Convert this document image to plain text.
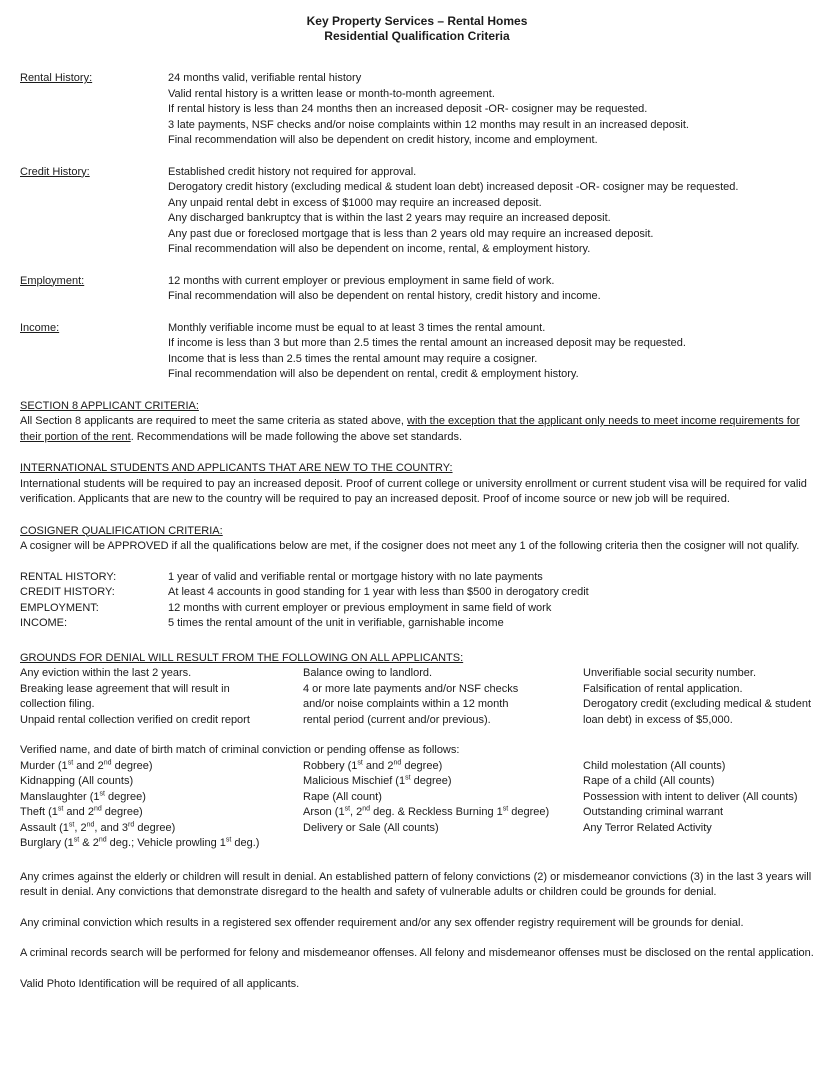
Key Property Services – Rental Homes
Residential Qualification Criteria
Rental History:	24 months valid, verifiable rental history
Valid rental history is a written lease or month-to-month agreement.
If rental history is less than 24 months then an increased deposit -OR- cosigner may be requested.
3 late payments, NSF checks and/or noise complaints within 12 months may result in an increased deposit.
Final recommendation will also be dependent on credit history, income and employment.
Credit History:	Established credit history not required for approval.
Derogatory credit history (excluding medical & student loan debt) increased deposit -OR- cosigner may be requested.
Any unpaid rental debt in excess of $1000 may require an increased deposit.
Any discharged bankruptcy that is within the last 2 years may require an increased deposit.
Any past due or foreclosed mortgage that is less than 2 years old may require an increased deposit.
Final recommendation will also be dependent on income, rental, & employment history.
Employment:	12 months with current employer or previous employment in same field of work.
Final recommendation will also be dependent on rental history, credit history and income.
Income:	Monthly verifiable income must be equal to at least 3 times the rental amount.
If income is less than 3 but more than 2.5 times the rental amount an increased deposit may be requested.
Income that is less than 2.5 times the rental amount may require a cosigner.
Final recommendation will also be dependent on rental, credit & employment history.
SECTION 8 APPLICANT CRITERIA:
All Section 8 applicants are required to meet the same criteria as stated above, with the exception that the applicant only needs to meet income requirements for their portion of the rent. Recommendations will be made following the above set standards.
INTERNATIONAL STUDENTS AND APPLICANTS THAT ARE NEW TO THE COUNTRY:
International students will be required to pay an increased deposit. Proof of current college or university enrollment or current student visa will be required for valid verification. Applicants that are new to the country will be required to pay an increased deposit. Proof of income source or new job will be required.
COSIGNER QUALIFICATION CRITERIA:
A cosigner will be APPROVED if all the qualifications below are met, if the cosigner does not meet any 1 of the following criteria then the cosigner will not qualify.
RENTAL HISTORY:	1 year of valid and verifiable rental or mortgage history with no late payments
CREDIT HISTORY:	At least 4 accounts in good standing for 1 year with less than $500 in derogatory credit
EMPLOYMENT:	12 months with current employer or previous employment in same field of work
INCOME:	5 times the rental amount of the unit in verifiable, garnishable income
GROUNDS FOR DENIAL WILL RESULT FROM THE FOLLOWING ON ALL APPLICANTS:
Any eviction within the last 2 years.
Breaking lease agreement that will result in
collection filing.
Unpaid rental collection verified on credit report
Balance owing to landlord.
4 or more late payments and/or NSF checks
and/or noise complaints within a 12 month
rental period (current and/or previous).
Unverifiable social security number.
Falsification of rental application.
Derogatory credit (excluding medical & student
loan debt) in excess of $5,000.
Verified name, and date of birth match of criminal conviction or pending offense as follows:
Murder (1st and 2nd degree)
Kidnapping (All counts)
Manslaughter (1st degree)
Theft (1st and 2nd degree)
Assault (1st, 2nd, and 3rd degree)
Burglary (1st & 2nd deg.; Vehicle prowling 1st deg.)
Robbery (1st and 2nd degree)
Malicious Mischief (1st degree)
Rape (All count)
Arson (1st, 2nd deg. & Reckless Burning 1st degree)
Delivery or Sale (All counts)
Child molestation (All counts)
Rape of a child (All counts)
Possession with intent to deliver (All counts)
Outstanding criminal warrant
Any Terror Related Activity
Any crimes against the elderly or children will result in denial. An established pattern of felony convictions (2) or misdemeanor convictions (3) in the last 3 years will result in denial. Any convictions that demonstrate disregard to the health and safety of vulnerable adults or children could be grounds for denial.
Any criminal conviction which results in a registered sex offender requirement and/or any sex offender registry requirement will be grounds for denial.
A criminal records search will be performed for felony and misdemeanor offenses. All felony and misdemeanor offenses must be disclosed on the rental application.
Valid Photo Identification will be required of all applicants.
